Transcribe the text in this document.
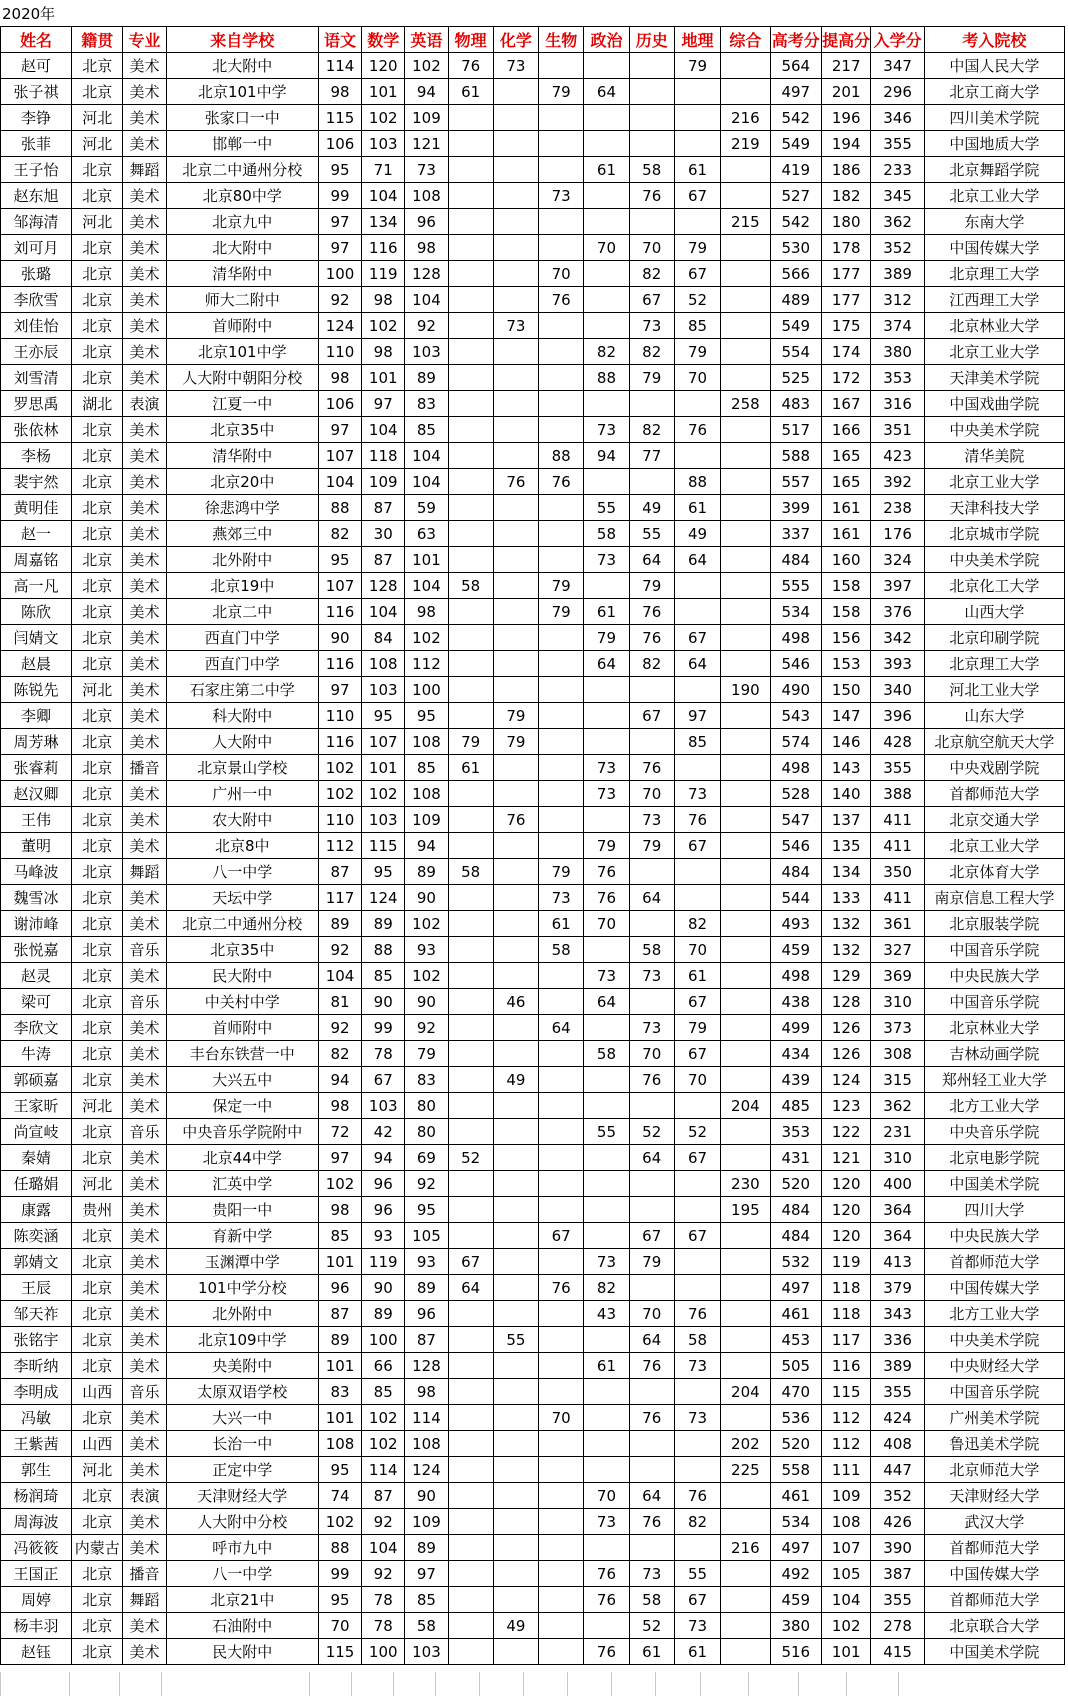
2020年
姓名	籍贯	专业	来自学校	语文	数学	英语	物理	化学	生物	政治	历史	地理	综合	高考分	提高分	入学分	考入院校
赵可	北京	美术	北大附中	114	120	102	76	73				79		564	217	347	中国人民大学
张子祺	北京	美术	北京101中学	98	101	94	61		79	64				497	201	296	北京工商大学
李铮	河北	美术	张家口一中	115	102	109							216	542	196	346	四川美术学院
张菲	河北	美术	邯郸一中	106	103	121							219	549	194	355	中国地质大学
王子怡	北京	舞蹈	北京二中通州分校	95	71	73				61	58	61		419	186	233	北京舞蹈学院
赵东旭	北京	美术	北京80中学	99	104	108			73		76	67		527	182	345	北京工业大学
邹海清	河北	美术	北京九中	97	134	96							215	542	180	362	东南大学
刘可月	北京	美术	北大附中	97	116	98				70	70	79		530	178	352	中国传媒大学
张璐	北京	美术	清华附中	100	119	128			70		82	67		566	177	389	北京理工大学
李欣雪	北京	美术	师大二附中	92	98	104			76		67	52		489	177	312	江西理工大学
刘佳怡	北京	美术	首师附中	124	102	92		73			73	85		549	175	374	北京林业大学
王亦辰	北京	美术	北京101中学	110	98	103				82	82	79		554	174	380	北京工业大学
刘雪清	北京	美术	人大附中朝阳分校	98	101	89				88	79	70		525	172	353	天津美术学院
罗思禹	湖北	表演	江夏一中	106	97	83							258	483	167	316	中国戏曲学院
张依林	北京	美术	北京35中	97	104	85				73	82	76		517	166	351	中央美术学院
李杨	北京	美术	清华附中	107	118	104			88	94	77			588	165	423	清华美院
裴宇然	北京	美术	北京20中	104	109	104		76	76			88		557	165	392	北京工业大学
黄明佳	北京	美术	徐悲鸿中学	88	87	59				55	49	61		399	161	238	天津科技大学
赵一	北京	美术	燕郊三中	82	30	63				58	55	49		337	161	176	北京城市学院
周嘉铭	北京	美术	北外附中	95	87	101				73	64	64		484	160	324	中央美术学院
高一凡	北京	美术	北京19中	107	128	104	58		79		79			555	158	397	北京化工大学
陈欣	北京	美术	北京二中	116	104	98			79	61	76			534	158	376	山西大学
闫婧文	北京	美术	西直门中学	90	84	102				79	76	67		498	156	342	北京印刷学院
赵晨	北京	美术	西直门中学	116	108	112				64	82	64		546	153	393	北京理工大学
陈锐先	河北	美术	石家庄第二中学	97	103	100							190	490	150	340	河北工业大学
李卿	北京	美术	科大附中	110	95	95		79			67	97		543	147	396	山东大学
周芳琳	北京	美术	人大附中	116	107	108	79	79				85		574	146	428	北京航空航天大学
张睿莉	北京	播音	北京景山学校	102	101	85	61			73	76			498	143	355	中央戏剧学院
赵汉卿	北京	美术	广州一中	102	102	108				73	70	73		528	140	388	首都师范大学
王伟	北京	美术	农大附中	110	103	109		76			73	76		547	137	411	北京交通大学
董明	北京	美术	北京8中	112	115	94				79	79	67		546	135	411	北京工业大学
马峰波	北京	舞蹈	八一中学	87	95	89	58		79	76				484	134	350	北京体育大学
魏雪冰	北京	美术	天坛中学	117	124	90			73	76	64			544	133	411	南京信息工程大学
谢沛峰	北京	美术	北京二中通州分校	89	89	102			61	70		82		493	132	361	北京服装学院
张悦嘉	北京	音乐	北京35中	92	88	93			58		58	70		459	132	327	中国音乐学院
赵灵	北京	美术	民大附中	104	85	102				73	73	61		498	129	369	中央民族大学
梁可	北京	音乐	中关村中学	81	90	90		46		64		67		438	128	310	中国音乐学院
李欣文	北京	美术	首师附中	92	99	92			64		73	79		499	126	373	北京林业大学
牛涛	北京	美术	丰台东铁营一中	82	78	79				58	70	67		434	126	308	吉林动画学院
郭硕嘉	北京	美术	大兴五中	94	67	83		49			76	70		439	124	315	郑州轻工业大学
王家昕	河北	美术	保定一中	98	103	80							204	485	123	362	北方工业大学
尚宣岐	北京	音乐	中央音乐学院附中	72	42	80				55	52	52		353	122	231	中央音乐学院
秦婧	北京	美术	北京44中学	97	94	69	52				64	67		431	121	310	北京电影学院
任璐娟	河北	美术	汇英中学	102	96	92							230	520	120	400	中国美术学院
康露	贵州	美术	贵阳一中	98	96	95							195	484	120	364	四川大学
陈奕涵	北京	美术	育新中学	85	93	105			67		67	67		484	120	364	中央民族大学
郭婧文	北京	美术	玉渊潭中学	101	119	93	67			73	79			532	119	413	首都师范大学
王辰	北京	美术	101中学分校	96	90	89	64		76	82				497	118	379	中国传媒大学
邹天祚	北京	美术	北外附中	87	89	96				43	70	76		461	118	343	北方工业大学
张铭宇	北京	美术	北京109中学	89	100	87		55			64	58		453	117	336	中央美术学院
李昕纳	北京	美术	央美附中	101	66	128				61	76	73		505	116	389	中央财经大学
李明成	山西	音乐	太原双语学校	83	85	98							204	470	115	355	中国音乐学院
冯敏	北京	美术	大兴一中	101	102	114			70		76	73		536	112	424	广州美术学院
王紫茜	山西	美术	长治一中	108	102	108							202	520	112	408	鲁迅美术学院
郭生	河北	美术	正定中学	95	114	124							225	558	111	447	北京师范大学
杨润琦	北京	表演	天津财经大学	74	87	90				70	64	76		461	109	352	天津财经大学
周海波	北京	美术	人大附中分校	102	92	109				73	76	82		534	108	426	武汉大学
冯筱筱	内蒙古	美术	呼市九中	88	104	89							216	497	107	390	首都师范大学
王国正	北京	播音	八一中学	99	92	97				76	73	55		492	105	387	中国传媒大学
周婷	北京	舞蹈	北京21中	95	78	85				76	58	67		459	104	355	首都师范大学
杨丰羽	北京	美术	石油附中	70	78	58		49			52	73		380	102	278	北京联合大学
赵钰	北京	美术	民大附中	115	100	103				76	61	61		516	101	415	中国美术学院
